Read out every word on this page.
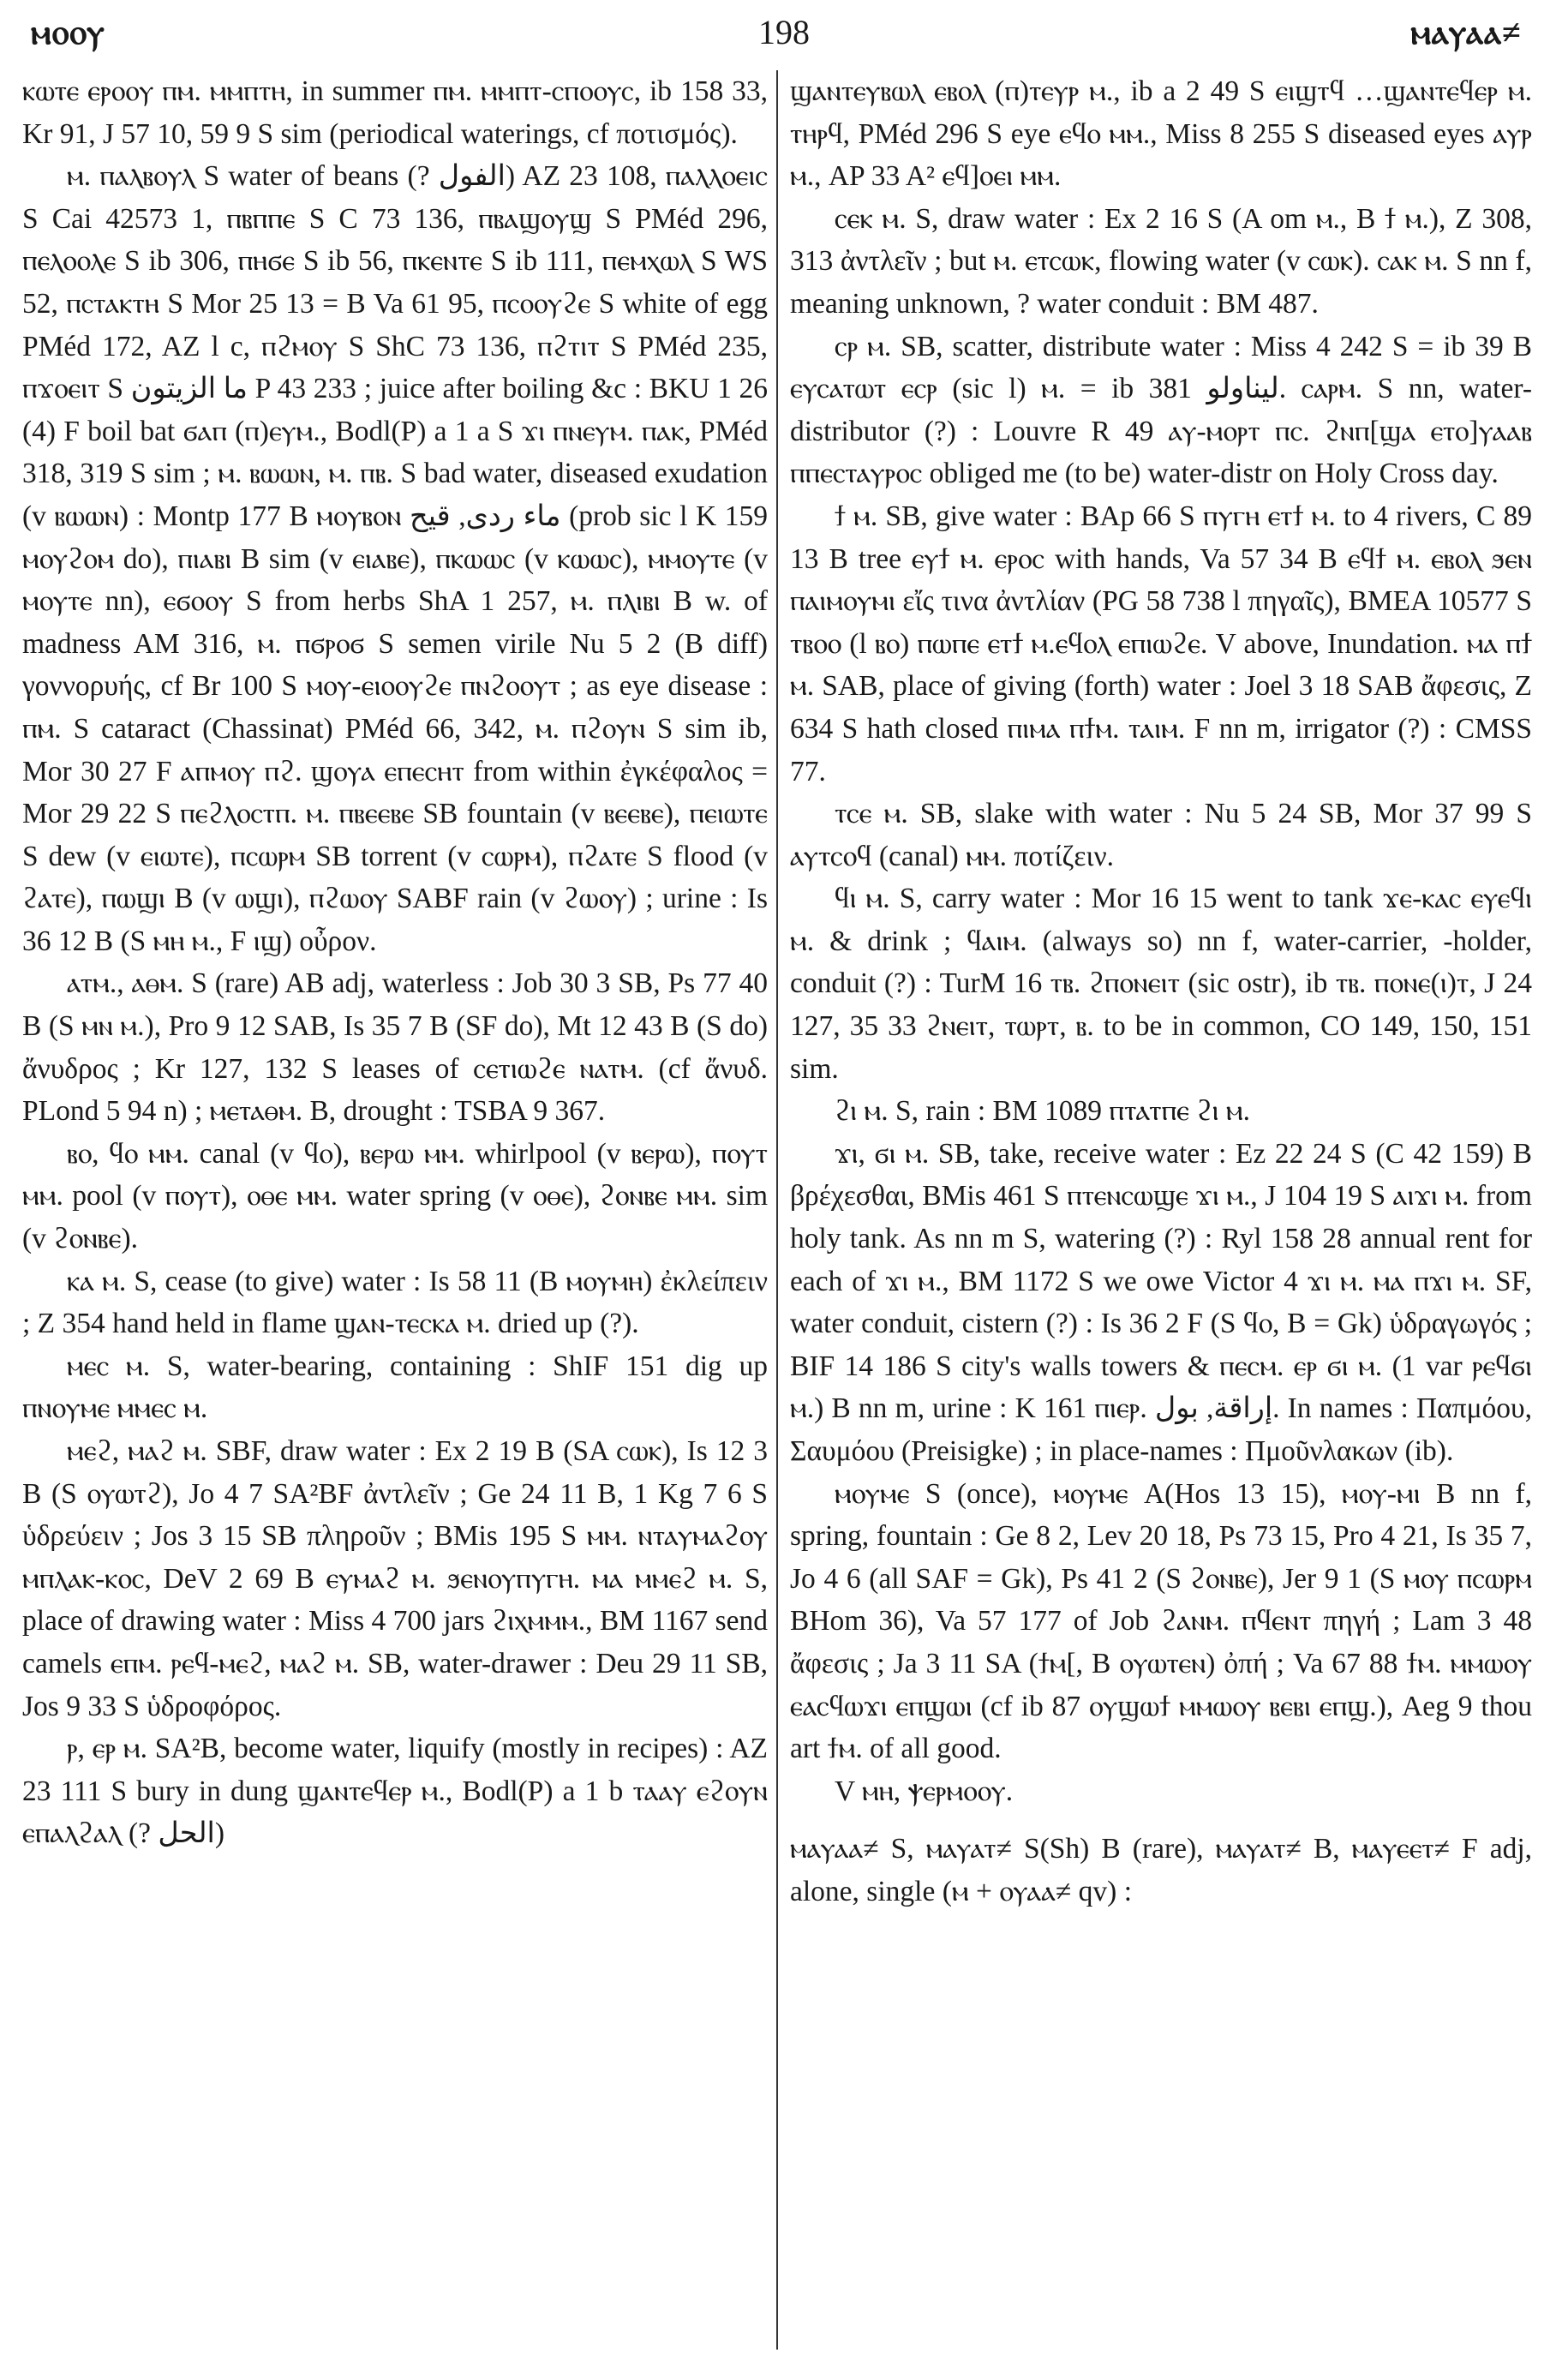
ⲙⲟⲟⲩ	198	ⲙⲁⲩⲁⲁ≠

ⲕⲱⲧⲉ ⲉⲣⲟⲟⲩ ⲡⲙ. ⲙⲙⲡⲧⲏ, in summer ⲡⲙ. ⲙⲙⲡⲧ-ⲥⲡⲟⲟⲩⲥ, ib 158 33, Kr 91, J 57 10, 59 9 S sim (periodical waterings, cf ποτισμός).

ⲙ. ⲡⲁⲗⲃⲟⲩⲗ S water of beans (? الفول) AZ 23 108, ⲡⲁⲗⲗⲟⲉⲓⲥ S Cai 42573 1, ⲡⲃⲡⲡⲉ S C 73 136, ⲡⲃⲁϣⲟⲩϣ S PMéd 296, ⲡⲉⲗⲟⲟⲗⲉ S ib 306, ⲡⲏϭⲉ S ib 56, ⲡⲕⲉⲛⲧⲉ S ib 111, ⲡⲉⲙⲭⲱⲗ S WS 52, ⲡⲥⲧⲁⲕⲧⲏ S Mor 25 13 = B Va 61 95, ⲡⲥⲟⲟⲩϩⲉ S white of egg PMéd 172, AZ l c, ⲡϩⲙⲟⲩ S ShC 73 136, ⲡϩⲧⲓⲧ S PMéd 235, ⲡϫⲟⲉⲓⲧ S ما الزيتون P 43 233 ; juice after boiling &c : BKU 1 26 (4) F boil bat ϭⲁⲡ (ⲡ)ⲉⲩⲙ., Bodl(P) a 1 a S ϫⲓ ⲡⲛⲉⲩⲙ. ⲡⲁⲕ, PMéd 318, 319 S sim ; ⲙ. ⲃⲱⲱⲛ, ⲙ. ⲡⲃ. S bad water, diseased exudation (v ⲃⲱⲱⲛ) : Montp 177 B ⲙⲟⲩⲃⲟⲛ ماء ردى, قيح (prob sic l K 159 ⲙⲟⲩϩⲟⲙ do), ⲡⲓⲁⲃⲓ B sim (v ⲉⲓⲁⲃⲉ), ⲡⲕⲱⲱⲥ (v ⲕⲱⲱⲥ), ⲙⲙⲟⲩⲧⲉ (v ⲙⲟⲩⲧⲉ nn), ⲉϭⲟⲟⲩ S from herbs ShA 1 257, ⲙ. ⲡⲗⲓⲃⲓ B w. of madness AM 316, ⲙ. ⲡϭⲣⲟϭ S semen virile Nu 5 2 (B diff) γοννορυής, cf Br 100 S ⲙⲟⲩ-ⲉⲓⲟⲟⲩϩⲉ ⲡⲛϩⲟⲟⲩⲧ ; as eye disease : ⲡⲙ. S cataract (Chassinat) PMéd 66, 342, ⲙ. ⲡϩⲟⲩⲛ S sim ib, Mor 30 27 F ⲁⲡⲙⲟⲩ ⲡϩ. ϣⲟⲩⲁ ⲉⲡⲉⲥⲏⲧ from within ἐγκέφαλος = Mor 29 22 S ⲡⲉϩⲗⲟⲥⲧⲡ. ⲙ. ⲡⲃⲉⲉⲃⲉ SB fountain (v ⲃⲉⲉⲃⲉ), ⲡⲉⲓⲱⲧⲉ S dew (v ⲉⲓⲱⲧⲉ), ⲡⲥⲱⲣⲙ SB torrent (v ⲥⲱⲣⲙ), ⲡϩⲁⲧⲉ S flood (v ϩⲁⲧⲉ), ⲡⲱϣⲓ B (v ⲱϣⲓ), ⲡϩⲱⲟⲩ SABF rain (v ϩⲱⲟⲩ) ; urine : Is 36 12 B (S ⲙⲏ ⲙ., F ⲓϣ) οὖρον.

ⲁⲧⲙ., ⲁⲑⲙ. S (rare) AB adj, waterless : Job 30 3 SB, Ps 77 40 B (S ⲙⲛ ⲙ.), Pro 9 12 SAB, Is 35 7 B (SF do), Mt 12 43 B (S do) ἄνυδρος ; Kr 127, 132 S leases of ⲥⲉⲧⲓⲱϩⲉ ⲛⲁⲧⲙ. (cf ἄνυδ. PLond 5 94 n) ; ⲙⲉⲧⲁⲑⲙ. B, drought : TSBA 9 367.

ⲃⲟ, ϥⲟ ⲙⲙ. canal (v ϥⲟ), ⲃⲉⲣⲱ ⲙⲙ. whirlpool (v ⲃⲉⲣⲱ), ⲡⲟⲩⲧ ⲙⲙ. pool (v ⲡⲟⲩⲧ), ⲟⲑⲉ ⲙⲙ. water spring (v ⲟⲑⲉ), ϩⲟⲛⲃⲉ ⲙⲙ. sim (v ϩⲟⲛⲃⲉ).

ⲕⲁ ⲙ. S, cease (to give) water : Is 58 11 (B ⲙⲟⲩⲙⲏ) ἐκλείπειν ; Z 354 hand held in flame ϣⲁⲛ-ⲧⲉⲥⲕⲁ ⲙ. dried up (?).

ⲙⲉⲥ ⲙ. S, water-bearing, containing : ShIF 151 dig up ⲡⲛⲟⲩⲙⲉ ⲙⲙⲉⲥ ⲙ.

ⲙⲉϩ, ⲙⲁϩ ⲙ. SBF, draw water : Ex 2 19 B (SA ⲥⲱⲕ), Is 12 3 B (S ⲟⲩⲱⲧϩ), Jo 4 7 SA²BF ἀντλεῖν ; Ge 24 11 B, 1 Kg 7 6 S ὑδρεύειν ; Jos 3 15 SB πληροῦν ; BMis 195 S ⲙⲙ. ⲛⲧⲁⲩⲙⲁϩⲟⲩ ⲙⲡⲗⲁⲕ-ⲕⲟⲥ, DeV 2 69 B ⲉⲩⲙⲁϩ ⲙ. ϧⲉⲛⲟⲩⲡⲩⲅⲏ. ⲙⲁ ⲙⲙⲉϩ ⲙ. S, place of drawing water : Miss 4 700 jars ϩⲓⲭⲙⲙⲙ., BM 1167 send camels ⲉⲡⲙ. ⲣⲉϥ-ⲙⲉϩ, ⲙⲁϩ ⲙ. SB, water-drawer : Deu 29 11 SB, Jos 9 33 S ὑδροφόρος.

ⲣ, ⲉⲣ ⲙ. SA²B, become water, liquify (mostly in recipes) : AZ 23 111 S bury in dung ϣⲁⲛⲧⲉϥⲉⲣ ⲙ., Bodl(P) a 1 b ⲧⲁⲁⲩ ⲉϩⲟⲩⲛ ⲉⲡⲁⲗϩⲁⲗ (? الحل)

ϣⲁⲛⲧⲉⲩⲃⲱⲗ ⲉⲃⲟⲗ (ⲡ)ⲧⲉⲩⲣ ⲙ., ib a 2 49 S ⲉⲓϣⲧϥ …ϣⲁⲛⲧⲉϥⲉⲣ ⲙ. ⲧⲏⲣϥ, PMéd 296 S eye ⲉϥⲟ ⲙⲙ., Miss 8 255 S diseased eyes ⲁⲩⲣ ⲙ., AP 33 A² ⲉϥ]ⲟⲉⲓ ⲙⲙ.

ⲥⲉⲕ ⲙ. S, draw water : Ex 2 16 S (A om ⲙ., B ϯ ⲙ.), Z 308, 313 ἀντλεῖν ; but ⲙ. ⲉⲧⲥⲱⲕ, flowing water (v ⲥⲱⲕ). ⲥⲁⲕ ⲙ. S nn f, meaning unknown, ? water conduit : BM 487.

ⲥⲣ ⲙ. SB, scatter, distribute water : Miss 4 242 S = ib 39 B ⲉⲩⲥⲁⲧⲱⲧ ⲉⲥⲣ (sic l) ⲙ. = ib 381 ليناولو. ⲥⲁⲣⲙ. S nn, water-distributor (?) : Louvre R 49 ⲁⲩ-ⲙⲟⲣⲧ ⲡⲥ. ϩⲛⲡ[ϣⲁ ⲉⲧⲟ]ⲩⲁⲁⲃ ⲡⲡⲉⲥⲧⲁⲩⲣⲟⲥ obliged me (to be) water-distr on Holy Cross day.

ϯ ⲙ. SB, give water : BAp 66 S ⲡⲩⲅⲏ ⲉⲧϯ ⲙ. to 4 rivers, C 89 13 B tree ⲉⲩϯ ⲙ. ⲉⲣⲟⲥ with hands, Va 57 34 B ⲉϥϯ ⲙ. ⲉⲃⲟⲗ ϧⲉⲛ ⲡⲁⲓⲙⲟⲩⲙⲓ εἴς τινα ἀντλίαν (PG 58 738 l πηγαῖς), BMEA 10577 S ⲧⲃⲟⲟ (l ⲃⲟ) ⲡⲱⲡⲉ ⲉⲧϯ ⲙ.ⲉϥⲟⲗ ⲉⲡⲓⲱϩⲉ. V above, Inundation. ⲙⲁ ⲡϯ ⲙ. SAB, place of giving (forth) water : Joel 3 18 SAB ἄφεσις, Z 634 S hath closed ⲡⲓⲙⲁ ⲡϯⲙ. ⲧⲁⲓⲙ. F nn m, irrigator (?) : CMSS 77.

ⲧⲥⲉ ⲙ. SB, slake with water : Nu 5 24 SB, Mor 37 99 S ⲁⲩⲧⲥⲟϥ (canal) ⲙⲙ. ποτίζειν.

ϥⲓ ⲙ. S, carry water : Mor 16 15 went to tank ϫⲉ-ⲕⲁⲥ ⲉⲩⲉϥⲓ ⲙ. & drink ; ϥⲁⲓⲙ. (always so) nn f, water-carrier, -holder, conduit (?) : TurM 16 ⲧⲃ. ϩⲡⲟⲛⲉⲓⲧ (sic ostr), ib ⲧⲃ. ⲡⲟⲛⲉ(ⲓ)ⲧ, J 24 127, 35 33 ϩⲛⲉⲓⲧ, ⲧⲱⲣⲧ, ⲃ. to be in common, CO 149, 150, 151 sim.

ϩⲓ ⲙ. S, rain : BM 1089 ⲡⲧⲁⲧⲡⲉ ϩⲓ ⲙ.

ϫⲓ, ϭⲓ ⲙ. SB, take, receive water : Ez 22 24 S (C 42 159) B βρέχεσθαι, BMis 461 S ⲡⲧⲉⲛⲥⲱϣⲉ ϫⲓ ⲙ., J 104 19 S ⲁⲓϫⲓ ⲙ. from holy tank. As nn m S, watering (?) : Ryl 158 28 annual rent for each of ϫⲓ ⲙ., BM 1172 S we owe Victor 4 ϫⲓ ⲙ. ⲙⲁ ⲡϫⲓ ⲙ. SF, water conduit, cistern (?) : Is 36 2 F (S ϥⲟ, B = Gk) ὑδραγωγός ; BIF 14 186 S city's walls towers & ⲡⲉⲥⲙ. ⲉⲣ ϭⲓ ⲙ. (1 var ⲣⲉϥϭⲓ ⲙ.) B nn m, urine : K 161 ⲡⲓⲉⲣ. إراقة, بول. In names : Παπμόου, Σαυμόου (Preisigke) ; in place-names : Πμοῦνλακων (ib).

ⲙⲟⲩⲙⲉ S (once), ⲙⲟⲩⲙⲉ A(Hos 13 15), ⲙⲟⲩ-ⲙⲓ B nn f, spring, fountain : Ge 8 2, Lev 20 18, Ps 73 15, Pro 4 21, Is 35 7, Jo 4 6 (all SAF = Gk), Ps 41 2 (S ϩⲟⲛⲃⲉ), Jer 9 1 (S ⲙⲟⲩ ⲡⲥⲱⲣⲙ BHom 36), Va 57 177 of Job ϩⲁⲛⲙ. ⲡϥⲉⲛⲧ πηγή ; Lam 3 48 ἄφεσις ; Ja 3 11 SA (ϯⲙ[, B ⲟⲩⲱⲧⲉⲛ) ὀπή ; Va 67 88 ϯⲙ. ⲙⲙⲱⲟⲩ ⲉⲁⲥϥⲱϫⲓ ⲉⲡϣⲱⲓ (cf ib 87 ⲟⲩϣⲱϯ ⲙⲙⲱⲟⲩ ⲃⲉⲃⲓ ⲉⲡϣ.), Aeg 9 thou art ϯⲙ. of all good.

V ⲙⲏ, ⲯⲉⲣⲙⲟⲟⲩ.

ⲙⲁⲩⲁⲁ≠ S, ⲙⲁⲩⲁⲧ≠ S(Sh) B (rare), ⲙⲁⲩⲁⲧ≠ B, ⲙⲁⲩⲉⲉⲧ≠ F adj, alone, single (ⲙ + ⲟⲩⲁⲁ≠ qv) :
